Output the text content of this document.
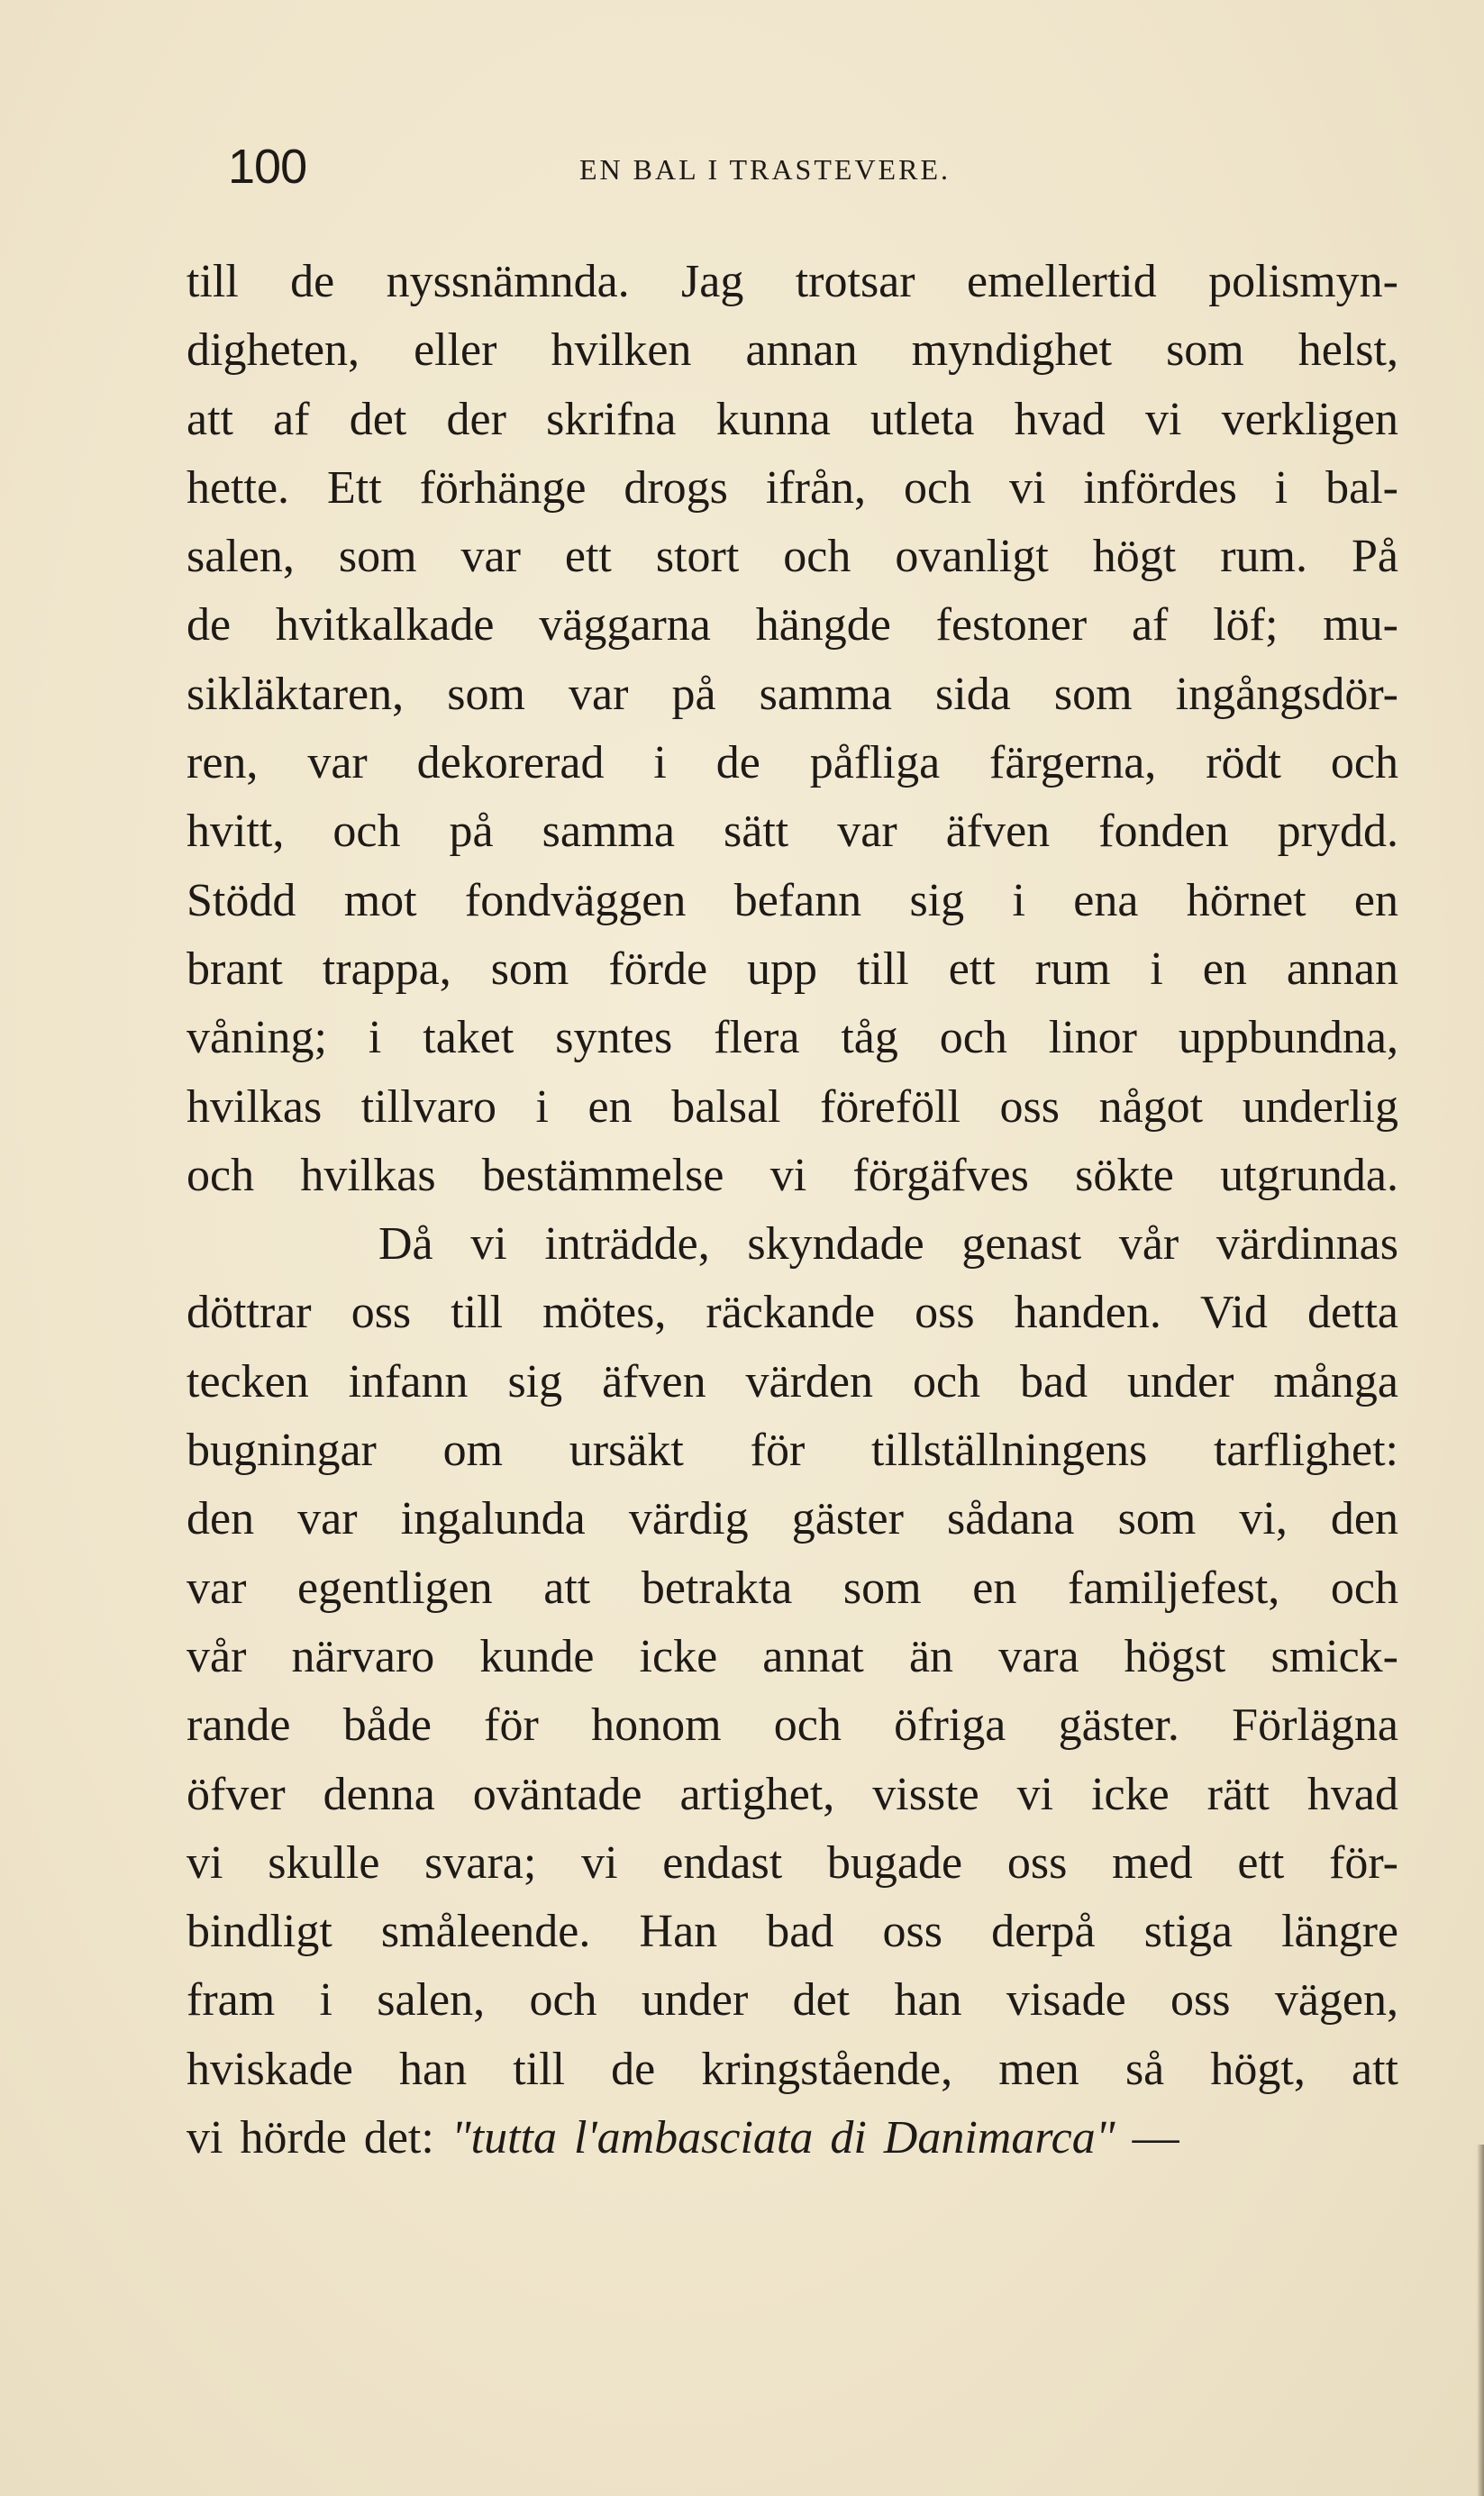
100	EN BAL I TRASTEVERE.
till de nyssnämnda. Jag trotsar emellertid polismyn-
digheten, eller hvilken annan myndighet som helst,
att af det der skrifna kunna utleta hvad vi verkligen
hette. Ett förhänge drogs ifrån, och vi infördes i bal-
salen, som var ett stort och ovanligt högt rum. På
de hvitkalkade väggarna hängde festoner af löf; mu-
sikläktaren, som var på samma sida som ingångsdör-
ren, var dekorerad i de påfliga färgerna, rödt och
hvitt, och på samma sätt var äfven fonden prydd.
Stödd mot fondväggen befann sig i ena hörnet en
brant trappa, som förde upp till ett rum i en annan
våning; i taket syntes flera tåg och linor uppbundna,
hvilkas tillvaro i en balsal föreföll oss något underlig
och hvilkas bestämmelse vi förgäfves sökte utgrunda.
Då vi inträdde, skyndade genast vår värdinnas
döttrar oss till mötes, räckande oss handen. Vid detta
tecken infann sig äfven värden och bad under många
bugningar om ursäkt för tillställningens tarflighet:
den var ingalunda värdig gäster sådana som vi, den
var egentligen att betrakta som en familjefest, och
vår närvaro kunde icke annat än vara högst smick-
rande både för honom och öfriga gäster. Förlägna
öfver denna oväntade artighet, visste vi icke rätt hvad
vi skulle svara; vi endast bugade oss med ett för-
bindligt småleende. Han bad oss derpå stiga längre
fram i salen, och under det han visade oss vägen,
hviskade han till de kringstående, men så högt, att
vi hörde det: "tutta l'ambasciata di Danimarca" —
